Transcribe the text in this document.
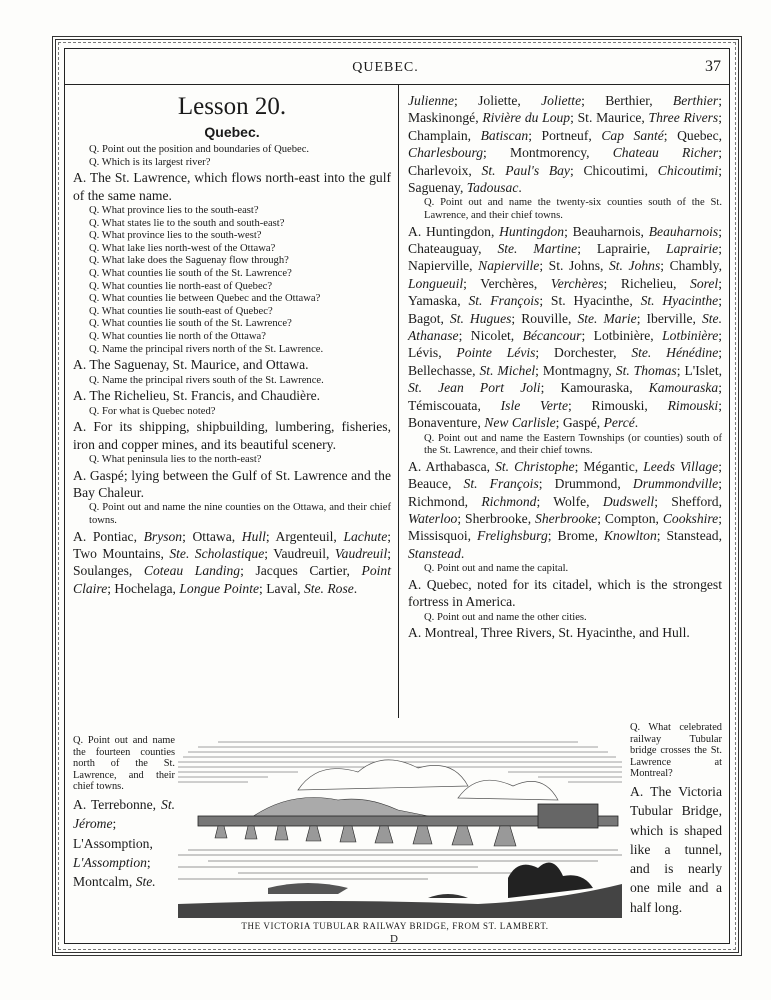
QUEBEC.	37

Lesson 20.

Quebec.

Q. Point out the position and boundaries of Quebec.

Q. Which is its largest river?

A. The St. Lawrence, which flows north-east into the gulf of the same name.

Q. What province lies to the south-east?

Q. What states lie to the south and south-east?

Q. What province lies to the south-west?

Q. What lake lies north-west of the Ottawa?

Q. What lake does the Saguenay flow through?

Q. What counties lie south of the St. Lawrence?

Q. What counties lie north-east of Quebec?

Q. What counties lie between Quebec and the Ottawa?

Q. What counties lie south-east of Quebec?

Q. What counties lie south of the St. Lawrence?

Q. What counties lie north of the Ottawa?

Q. Name the principal rivers north of the St. Lawrence.

A. The Saguenay, St. Maurice, and Ottawa.

Q. Name the principal rivers south of the St. Lawrence.

A. The Richelieu, St. Francis, and Chaudière.

Q. For what is Quebec noted?

A. For its shipping, shipbuilding, lumbering, fisheries, iron and copper mines, and its beautiful scenery.

Q. What peninsula lies to the north-east?

A. Gaspé; lying between the Gulf of St. Lawrence and the Bay Chaleur.

Q. Point out and name the nine counties on the Ottawa, and their chief towns.

A. Pontiac, Bryson; Ottawa, Hull; Argenteuil, Lachute; Two Mountains, Ste. Scholastique; Vaudreuil, Vaudreuil; Soulanges, Coteau Landing; Jacques Cartier, Point Claire; Hochelaga, Longue Pointe; Laval, Ste. Rose.

Julienne; Joliette, Joliette; Berthier, Berthier; Maskinongé, Rivière du Loup; St. Maurice, Three Rivers; Champlain, Batiscan; Portneuf, Cap Santé; Quebec, Charlesbourg; Montmorency, Chateau Richer; Charlevoix, St. Paul's Bay; Chicoutimi, Chicoutimi; Saguenay, Tadousac.

Q. Point out and name the twenty-six counties south of the St. Lawrence, and their chief towns.

A. Huntingdon, Huntingdon; Beauharnois, Beauharnois; Chateauguay, Ste. Martine; Laprairie, Laprairie; Napierville, Napierville; St. Johns, St. Johns; Chambly, Longueuil; Verchères, Verchères; Richelieu, Sorel; Yamaska, St. François; St. Hyacinthe, St. Hyacinthe; Bagot, St. Hugues; Rouville, Ste. Marie; Iberville, Ste. Athanase; Nicolet, Bécancour; Lotbinière, Lotbinière; Lévis, Pointe Lévis; Dorchester, Ste. Hénédine; Bellechasse, St. Michel; Montmagny, St. Thomas; L'Islet, St. Jean Port Joli; Kamouraska, Kamouraska; Témiscouata, Isle Verte; Rimouski, Rimouski; Bonaventure, New Carlisle; Gaspé, Percé.

Q. Point out and name the Eastern Townships (or counties) south of the St. Lawrence, and their chief towns.

A. Arthabasca, St. Christophe; Mégantic, Leeds Village; Beauce, St. François; Drummond, Drummondville; Richmond, Richmond; Wolfe, Dudswell; Shefford, Waterloo; Sherbrooke, Sherbrooke; Compton, Cookshire; Missisquoi, Frelighsburg; Brome, Knowlton; Stanstead, Stanstead.

Q. Point out and name the capital.

A. Quebec, noted for its citadel, which is the strongest fortress in America.

Q. Point out and name the other cities.

A. Montreal, Three Rivers, St. Hyacinthe, and Hull.

Q. Point out and name the fourteen counties north of the St. Lawrence, and their chief towns.

A. Terrebonne, St. Jérome; L'Assomption, L'Assomption; Montcalm, Ste.

Q. What celebrated railway Tubular bridge crosses the St. Lawrence at Montreal?

A. The Victoria Tubular Bridge, which is shaped like a tunnel, and is nearly one mile and a half long.

THE VICTORIA TUBULAR RAILWAY BRIDGE, FROM ST. LAMBERT.
D
